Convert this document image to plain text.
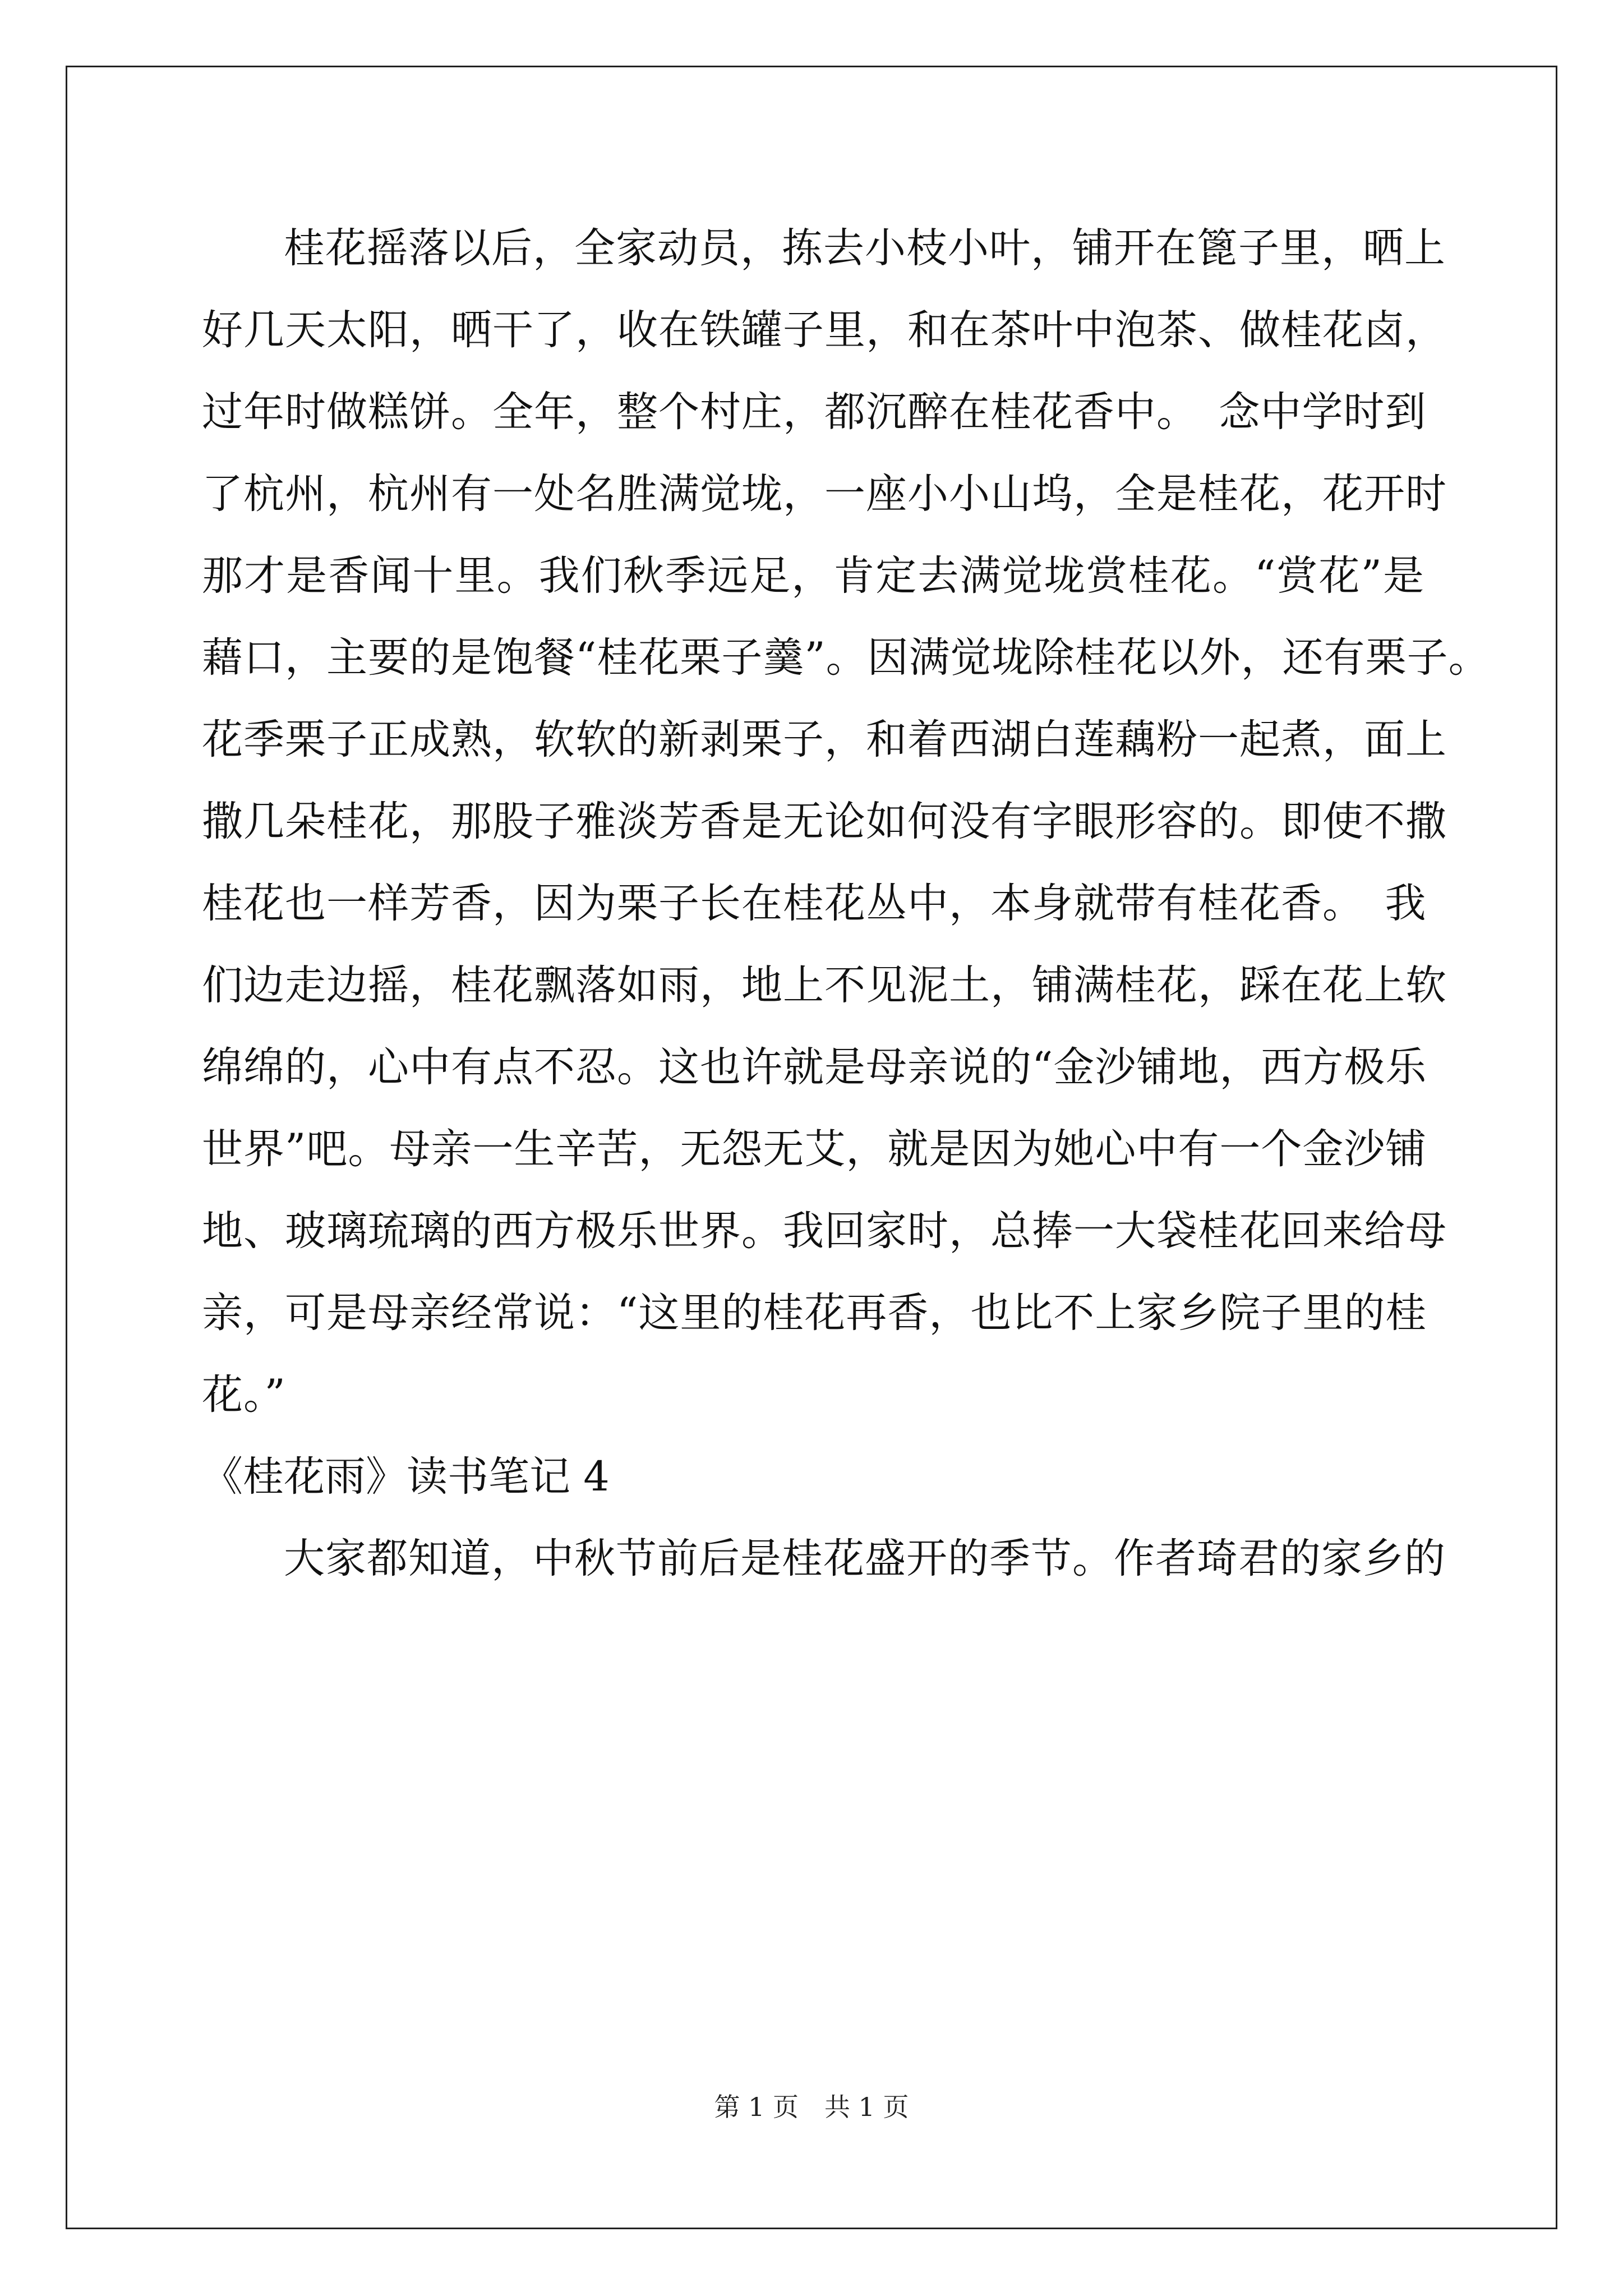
桂花摇落以后，全家动员，拣去小枝小叶，铺开在篦子里，晒上
好几天太阳，晒干了，收在铁罐子里，和在茶叶中泡茶、做桂花卤，
过年时做糕饼。全年，整个村庄，都沉醉在桂花香中。　念中学时到
了杭州，杭州有一处名胜满觉垅，一座小小山坞，全是桂花，花开时
那才是香闻十里。我们秋季远足，肯定去满觉垅赏桂花。“赏花”是
藉口，主要的是饱餐“桂花栗子羹”。因满觉垅除桂花以外，还有栗子。
花季栗子正成熟，软软的新剥栗子，和着西湖白莲藕粉一起煮，面上
撒几朵桂花，那股子雅淡芳香是无论如何没有字眼形容的。即使不撒
桂花也一样芳香，因为栗子长在桂花丛中，本身就带有桂花香。　我
们边走边摇，桂花飘落如雨，地上不见泥土，铺满桂花，踩在花上软
绵绵的，心中有点不忍。这也许就是母亲说的“金沙铺地，西方极乐
世界”吧。母亲一生辛苦，无怨无艾，就是因为她心中有一个金沙铺
地、玻璃琉璃的西方极乐世界。我回家时，总捧一大袋桂花回来给母
亲，可是母亲经常说：“这里的桂花再香，也比不上家乡院子里的桂
花。”
《桂花雨》读书笔记 4
大家都知道，中秋节前后是桂花盛开的季节。作者琦君的家乡的
第 1 页　共 1 页
